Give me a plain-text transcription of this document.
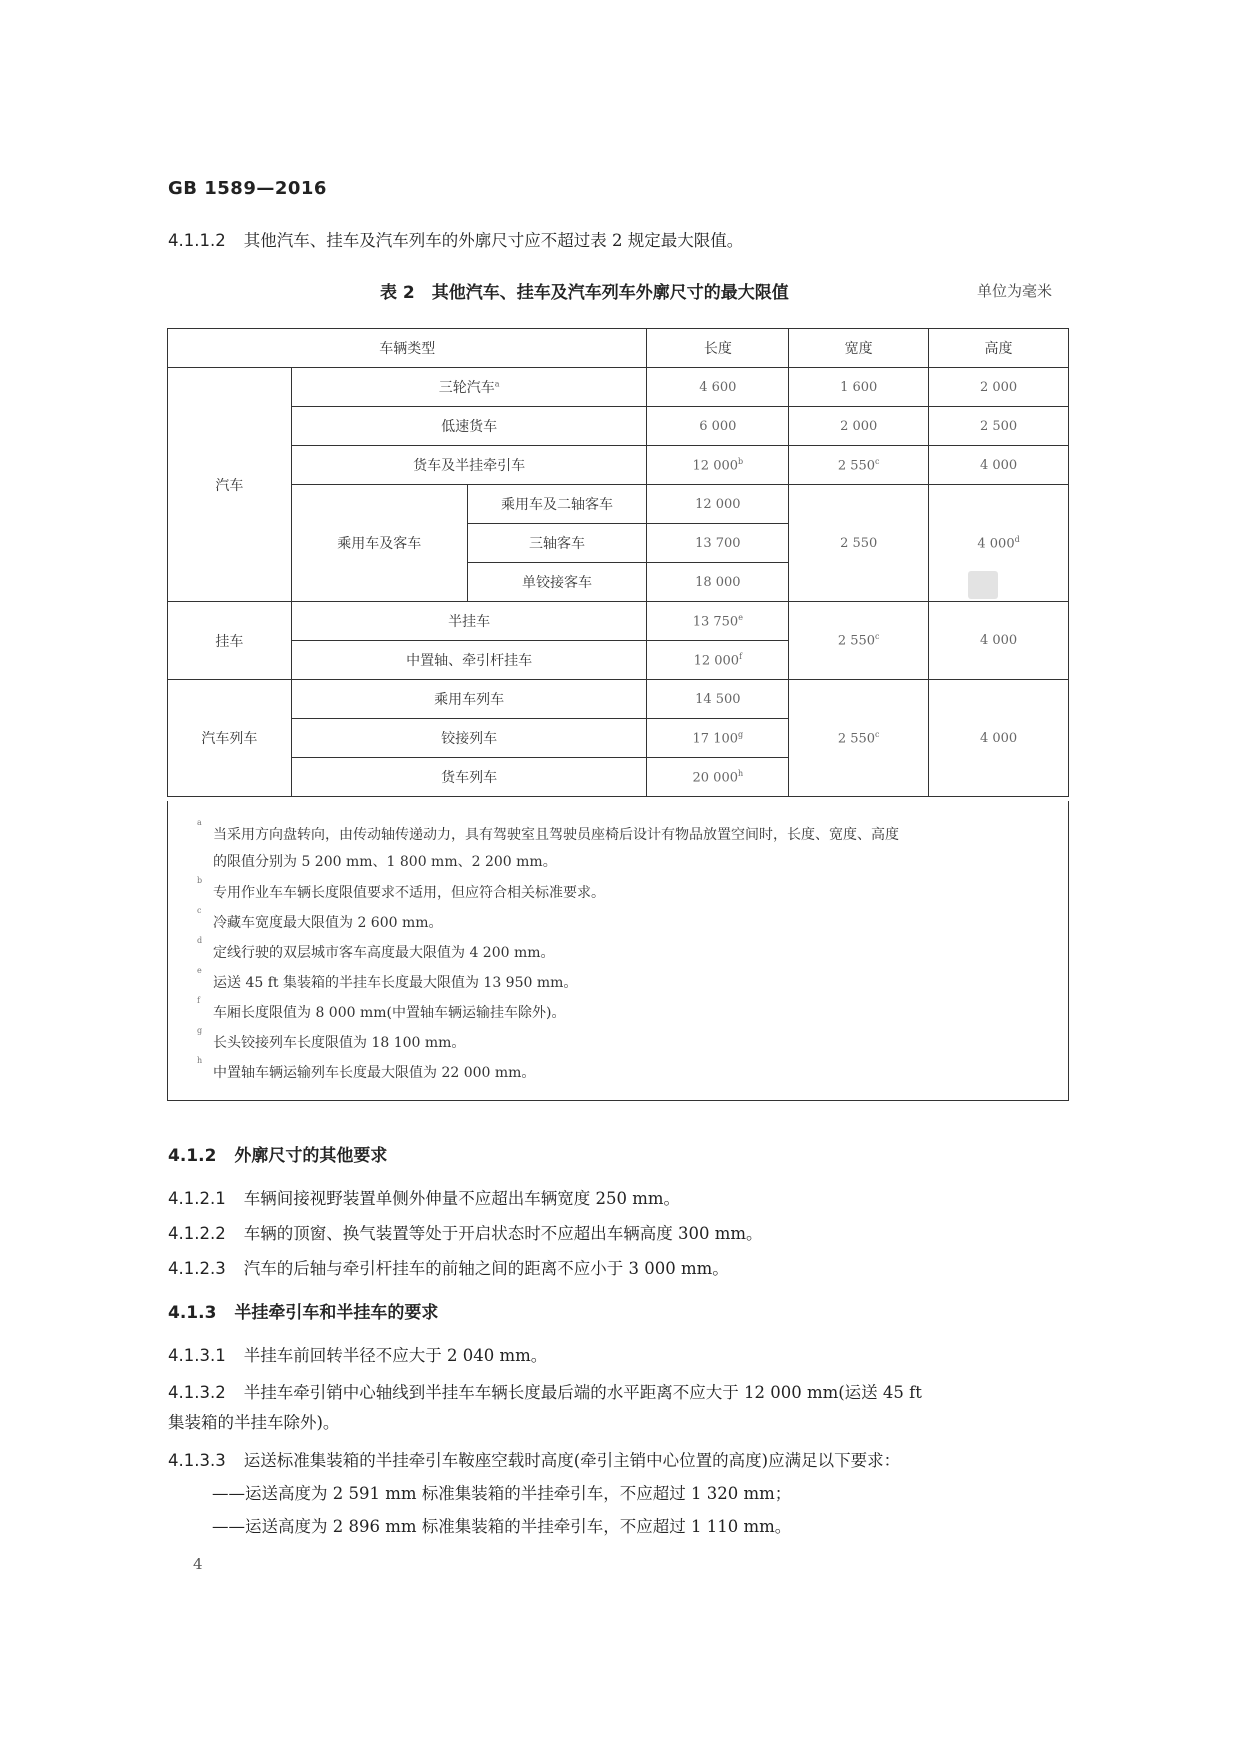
GB 1589—2016
4.1.1.2 其他汽车、挂车及汽车列车的外廓尺寸应不超过表 2 规定最大限值。
表 2　其他汽车、挂车及汽车列车外廓尺寸的最大限值	单位为毫米
车辆类型			长度	宽度	高度
汽车	三轮汽车$^a$		4 600	1 600	2 000
	低速货车		6 000	2 000	2 500
	货车及半挂牵引车		12 000$^b$	2 550$^c$	4 000
	乘用车及客车	乘用车及二轴客车	12 000	2 550	4 000$^d$
		三轴客车	13 700		
		单铰接客车	18 000		
挂车	半挂车		13 750e	2 550$^c$	4 000
	中置轴、牵引杆挂车		12 000$^f$
汽车列车	乘用车列车		14 500	2 550$^c$	4 000
	铰接列车		17 100$^g$
	货车列车		20 000$^h$
a
当采用方向盘转向，由传动轴传递动力，具有驾驶室且驾驶员座椅后设计有物品放置空间时，长度、宽度、高度
的限值分别为 5 200 mm、1 800 mm、2 200 mm。
b
专用作业车车辆长度限值要求不适用，但应符合相关标准要求。
c
冷藏车宽度最大限值为 2 600 mm。
d
定线行驶的双层城市客车高度最大限值为 4 200 mm。
e
运送 45 ft 集装箱的半挂车长度最大限值为 13 950 mm。
f
车厢长度限值为 8 000 mm(中置轴车辆运输挂车除外)。
g
长头铰接列车长度限值为 18 100 mm。
h
中置轴车辆运输列车长度最大限值为 22 000 mm。
4.1.2 外廓尺寸的其他要求
4.1.2.1 车辆间接视野装置单侧外伸量不应超出车辆宽度 250 mm。
4.1.2.2 车辆的顶窗、换气装置等处于开启状态时不应超出车辆高度 300 mm。
4.1.2.3 汽车的后轴与牵引杆挂车的前轴之间的距离不应小于 3 000 mm。
4.1.3 半挂牵引车和半挂车的要求
4.1.3.1 半挂车前回转半径不应大于 2 040 mm。
4.1.3.2 半挂车牵引销中心轴线到半挂车车辆长度最后端的水平距离不应大于 12 000 mm(运送 45 ft
集装箱的半挂车除外)。
4.1.3.3 运送标准集装箱的半挂牵引车鞍座空载时高度(牵引主销中心位置的高度)应满足以下要求：
——运送高度为 2 591 mm 标准集装箱的半挂牵引车，不应超过 1 320 mm；
——运送高度为 2 896 mm 标准集装箱的半挂牵引车，不应超过 1 110 mm。
4
